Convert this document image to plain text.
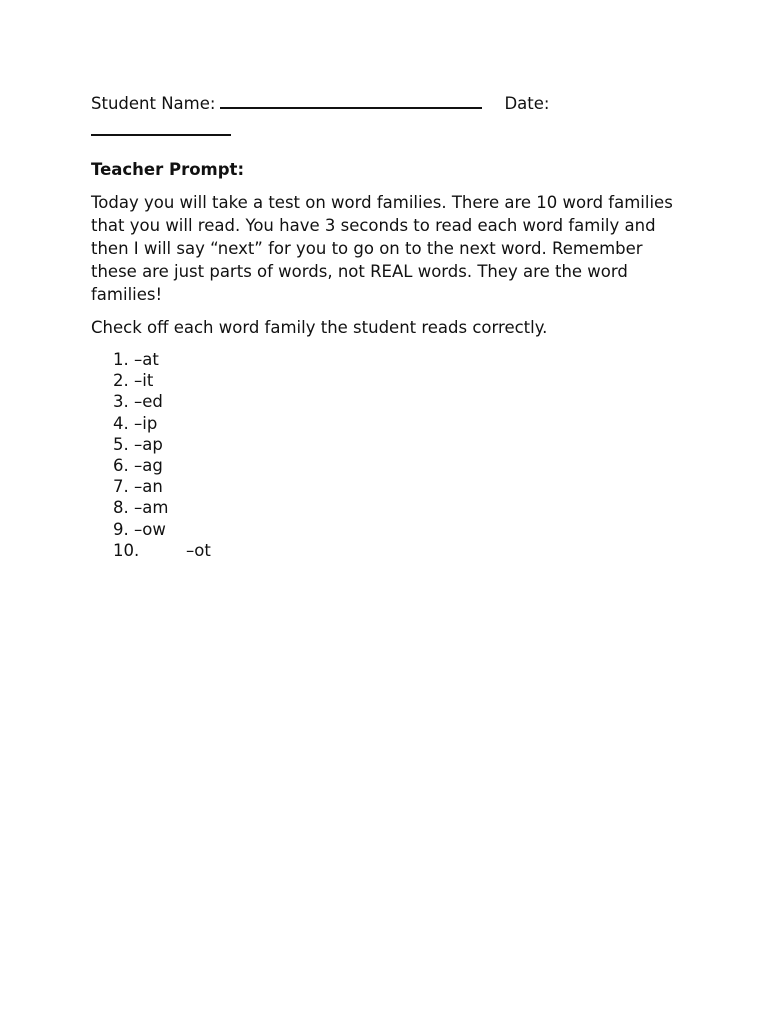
Student Name:	Date:
Teacher Prompt:
Today you will take a test on word families. There are 10 word families that you will read. You have 3 seconds to read each word family and then I will say “next” for you to go on to the next word. Remember these are just parts of words, not REAL words. They are the word families!
Check off each word family the student reads correctly.
1. –at
2. –it
3. –ed
4. –ip
5. –ap
6. –ag
7. –an
8. –am
9. –ow
10.	–ot
